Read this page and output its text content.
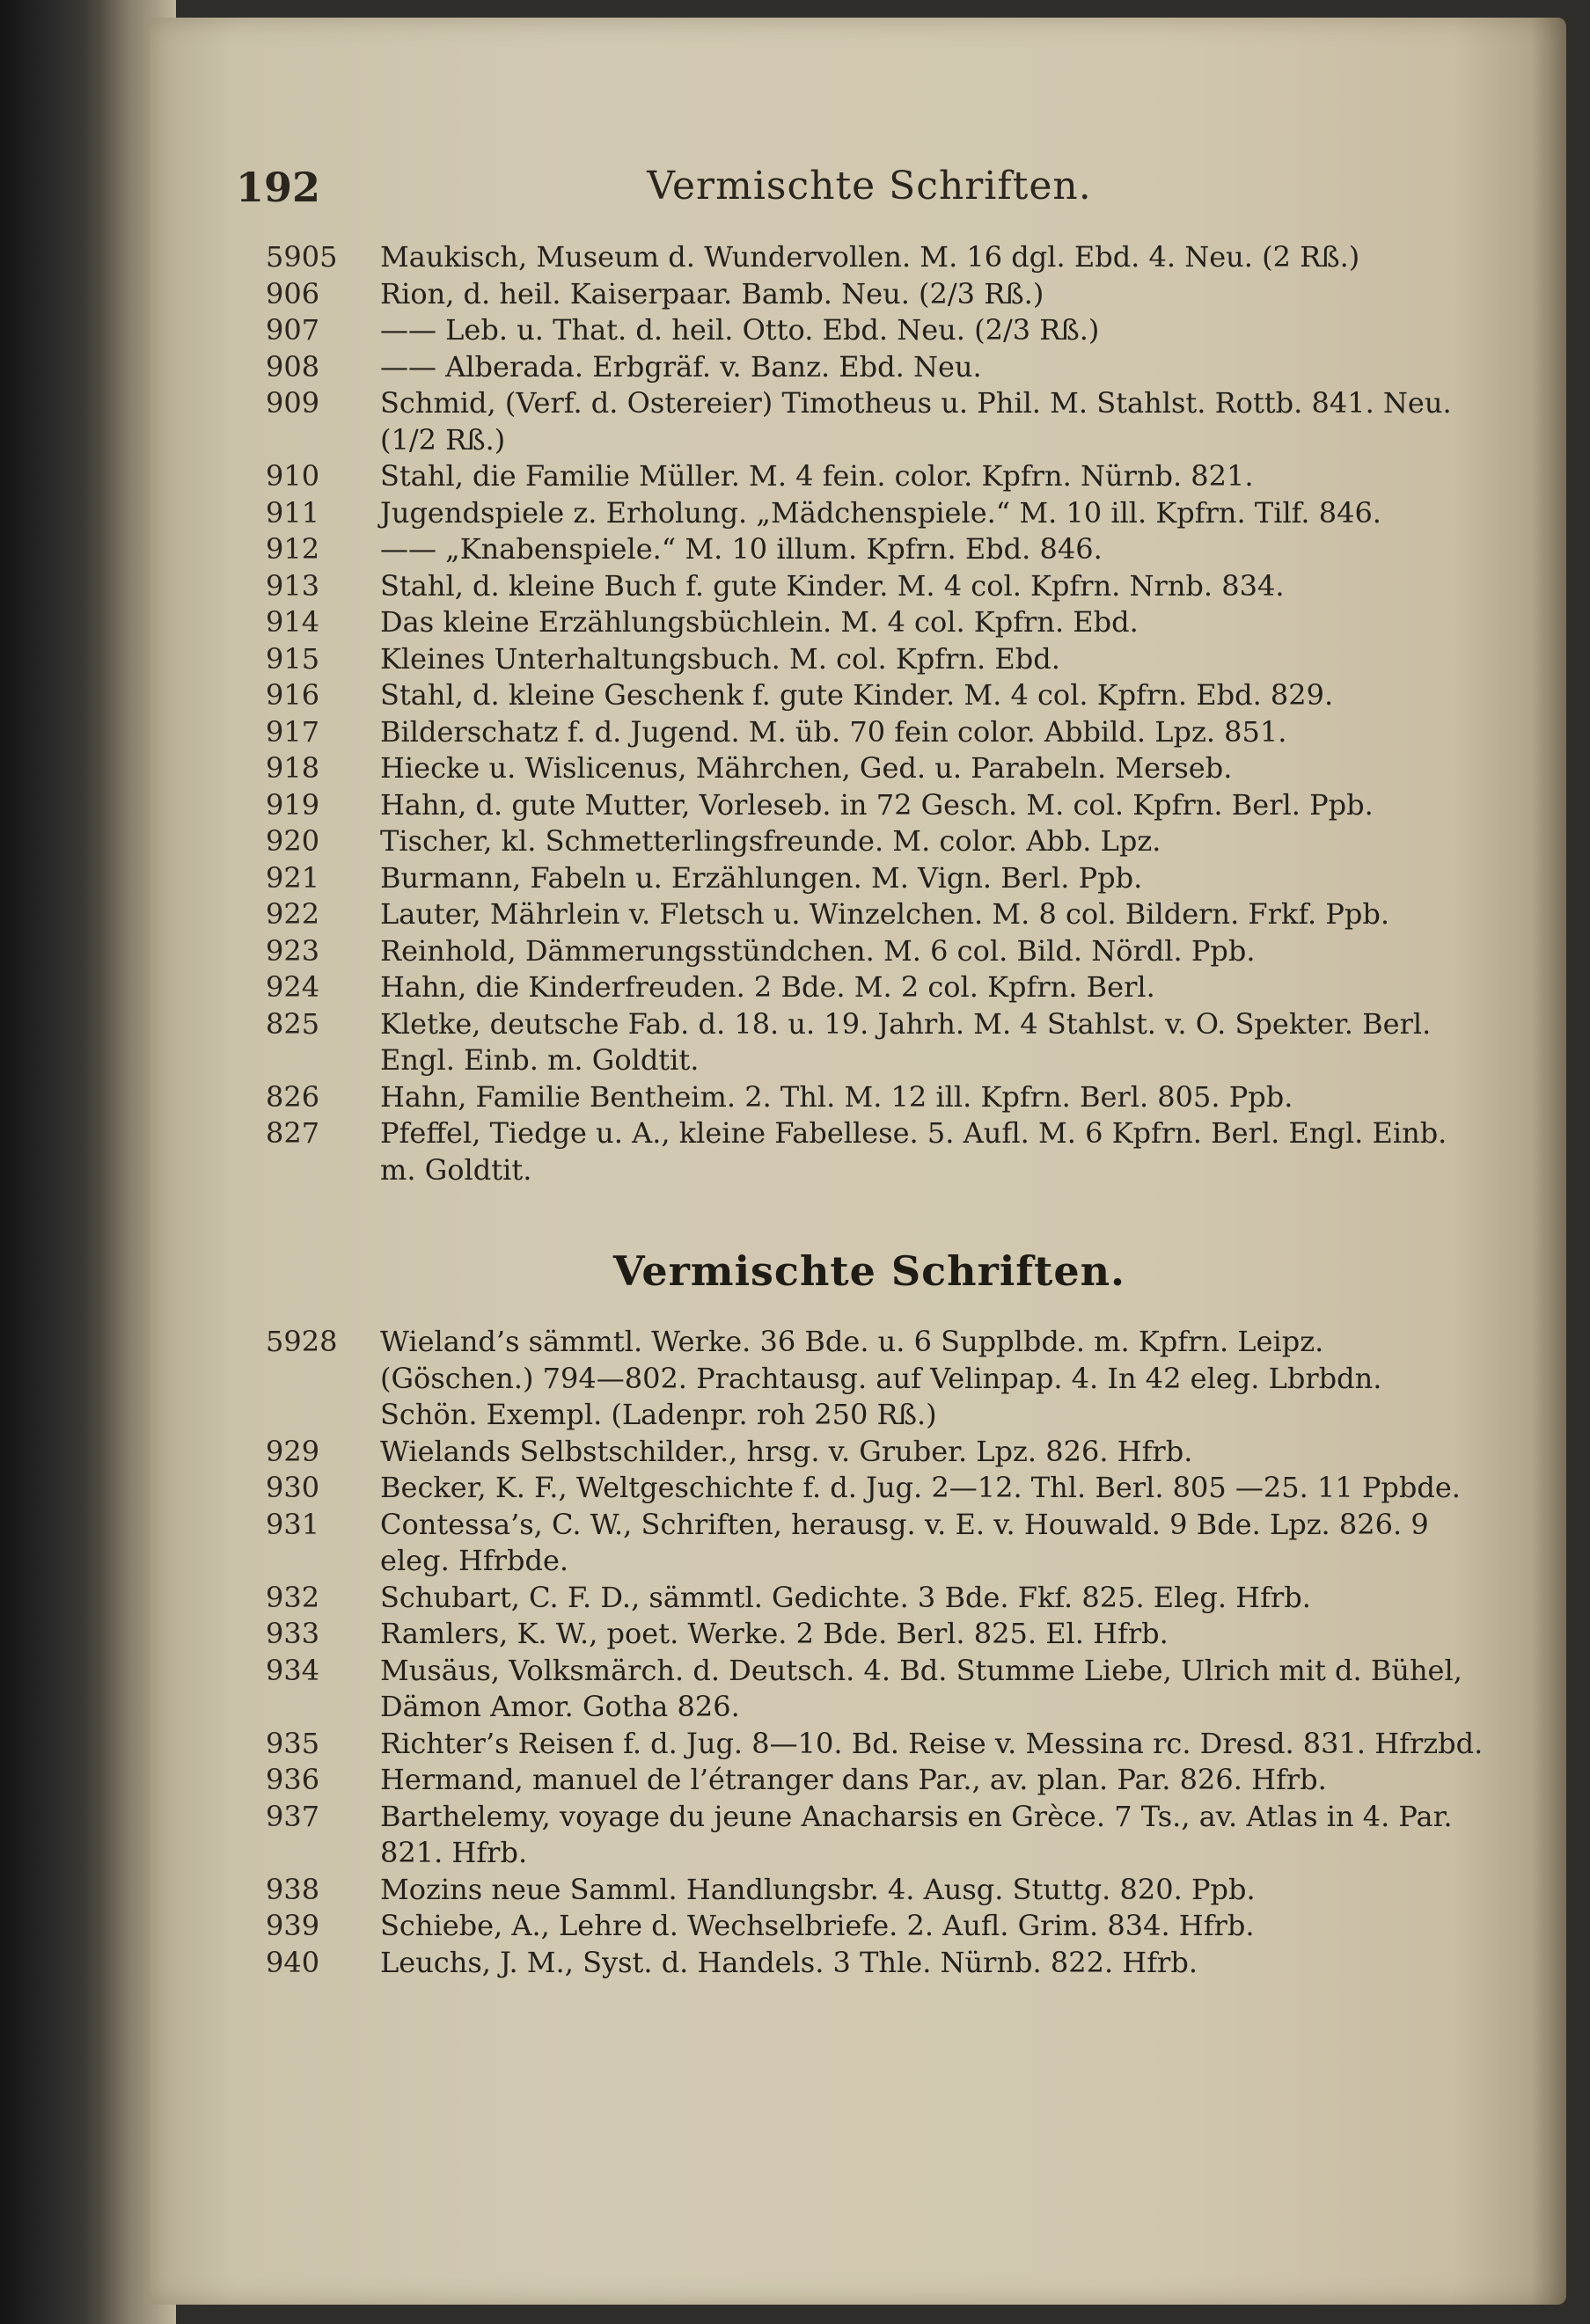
192	Vermischte Schriften.
5905	Maukisch, Museum d. Wundervollen. M. 16 dgl. Ebd. 4. Neu. (2 Rß.)
906	Rion, d. heil. Kaiserpaar. Bamb. Neu. (2/3 Rß.)
907	—— Leb. u. That. d. heil. Otto. Ebd. Neu. (2/3 Rß.)
908	—— Alberada. Erbgräf. v. Banz. Ebd. Neu.
909	Schmid, (Verf. d. Ostereier) Timotheus u. Phil. M. Stahlst. Rottb. 841. Neu. (1/2 Rß.)
910	Stahl, die Familie Müller. M. 4 fein. color. Kpfrn. Nürnb. 821.
911	Jugendspiele z. Erholung. „Mädchenspiele.“ M. 10 ill. Kpfrn. Tilf. 846.
912	—— „Knabenspiele.“ M. 10 illum. Kpfrn. Ebd. 846.
913	Stahl, d. kleine Buch f. gute Kinder. M. 4 col. Kpfrn. Nrnb. 834.
914	Das kleine Erzählungsbüchlein. M. 4 col. Kpfrn. Ebd.
915	Kleines Unterhaltungsbuch. M. col. Kpfrn. Ebd.
916	Stahl, d. kleine Geschenk f. gute Kinder. M. 4 col. Kpfrn. Ebd. 829.
917	Bilderschatz f. d. Jugend. M. üb. 70 fein color. Abbild. Lpz. 851.
918	Hiecke u. Wislicenus, Mährchen, Ged. u. Parabeln. Merseb.
919	Hahn, d. gute Mutter, Vorleseb. in 72 Gesch. M. col. Kpfrn. Berl. Ppb.
920	Tischer, kl. Schmetterlingsfreunde. M. color. Abb. Lpz.
921	Burmann, Fabeln u. Erzählungen. M. Vign. Berl. Ppb.
922	Lauter, Mährlein v. Fletsch u. Winzelchen. M. 8 col. Bildern. Frkf. Ppb.
923	Reinhold, Dämmerungsstündchen. M. 6 col. Bild. Nördl. Ppb.
924	Hahn, die Kinderfreuden. 2 Bde. M. 2 col. Kpfrn. Berl.
825	Kletke, deutsche Fab. d. 18. u. 19. Jahrh. M. 4 Stahlst. v. O. Spekter. Berl. Engl. Einb. m. Goldtit.
826	Hahn, Familie Bentheim. 2. Thl. M. 12 ill. Kpfrn. Berl. 805. Ppb.
827	Pfeffel, Tiedge u. A., kleine Fabellese. 5. Aufl. M. 6 Kpfrn. Berl. Engl. Einb. m. Goldtit.
Vermischte Schriften.
5928	Wieland’s sämmtl. Werke. 36 Bde. u. 6 Supplbde. m. Kpfrn. Leipz. (Göschen.) 794—802. Prachtausg. auf Velinpap. 4. In 42 eleg. Lbrbdn. Schön. Exempl. (Ladenpr. roh 250 Rß.)
929	Wielands Selbstschilder., hrsg. v. Gruber. Lpz. 826. Hfrb.
930	Becker, K. F., Weltgeschichte f. d. Jug. 2—12. Thl. Berl. 805 —25. 11 Ppbde.
931	Contessa’s, C. W., Schriften, herausg. v. E. v. Houwald. 9 Bde. Lpz. 826. 9 eleg. Hfrbde.
932	Schubart, C. F. D., sämmtl. Gedichte. 3 Bde. Fkf. 825. Eleg. Hfrb.
933	Ramlers, K. W., poet. Werke. 2 Bde. Berl. 825. El. Hfrb.
934	Musäus, Volksmärch. d. Deutsch. 4. Bd. Stumme Liebe, Ulrich mit d. Bühel, Dämon Amor. Gotha 826.
935	Richter’s Reisen f. d. Jug. 8—10. Bd. Reise v. Messina rc. Dresd. 831. Hfrzbd.
936	Hermand, manuel de l’étranger dans Par., av. plan. Par. 826. Hfrb.
937	Barthelemy, voyage du jeune Anacharsis en Grèce. 7 Ts., av. Atlas in 4. Par. 821. Hfrb.
938	Mozins neue Samml. Handlungsbr. 4. Ausg. Stuttg. 820. Ppb.
939	Schiebe, A., Lehre d. Wechselbriefe. 2. Aufl. Grim. 834. Hfrb.
940	Leuchs, J. M., Syst. d. Handels. 3 Thle. Nürnb. 822. Hfrb.
